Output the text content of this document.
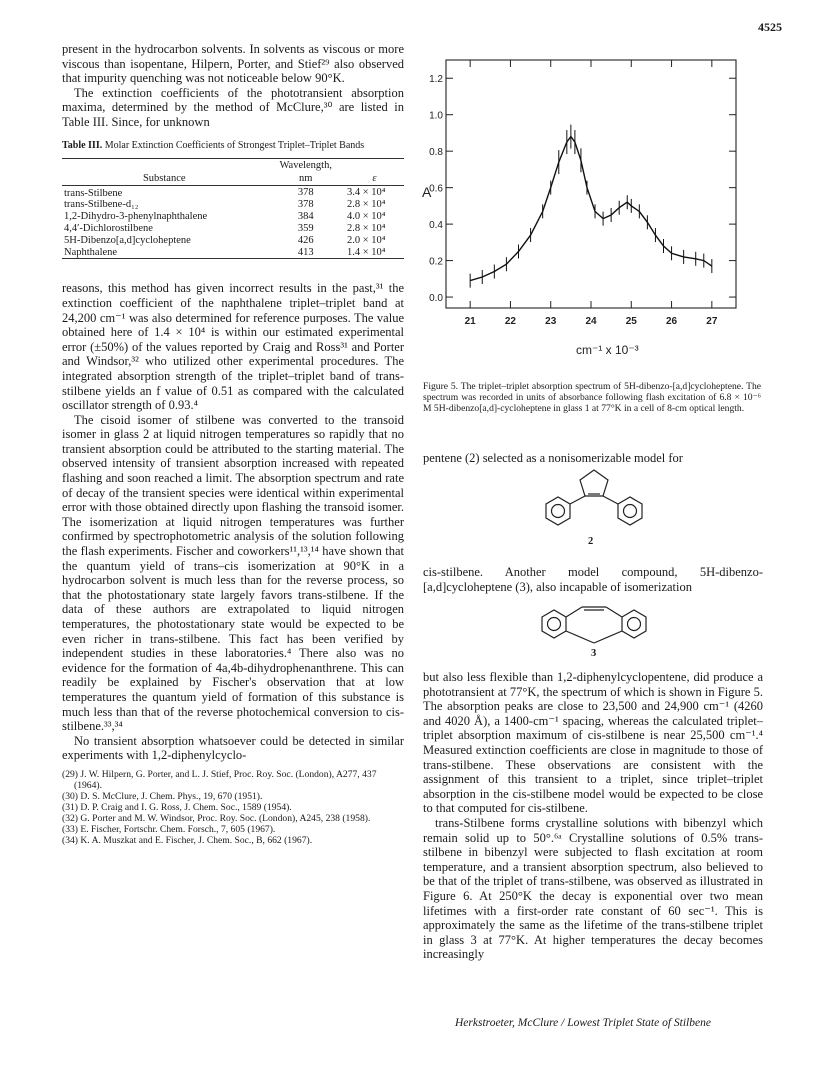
4525

present in the hydrocarbon solvents. In solvents as viscous or more viscous than isopentane, Hilpern, Porter, and Stief²⁹ also observed that impurity quenching was not noticeable below 90°K.

The extinction coefficients of the phototransient absorption maxima, determined by the method of McClure,³⁰ are listed in Table III. Since, for unknown

Table III. Molar Extinction Coefficients of Strongest Triplet–Triplet Bands
	Wavelength,	
Substance	nm	ε
trans-Stilbene	378	3.4 × 10⁴
trans-Stilbene-d₁₂	378	2.8 × 10⁴
1,2-Dihydro-3-phenylnaphthalene	384	4.0 × 10⁴
4,4′-Dichlorostilbene	359	2.8 × 10⁴
5H-Dibenzo[a,d]cycloheptene	426	2.0 × 10⁴
Naphthalene	413	1.4 × 10⁴

reasons, this method has given incorrect results in the past,³¹ the extinction coefficient of the naphthalene triplet–triplet band at 24,200 cm⁻¹ was also determined for reference purposes. The value obtained here of 1.4 × 10⁴ is within our estimated experimental error (±50%) of the values reported by Craig and Ross³¹ and Porter and Windsor,³² who utilized other experimental procedures. The integrated absorption strength of the triplet–triplet band of trans-stilbene yields an f value of 0.51 as compared with the calculated oscillator strength of 0.93.⁴

The cisoid isomer of stilbene was converted to the transoid isomer in glass 2 at liquid nitrogen temperatures so rapidly that no transient absorption could be attributed to the starting material. The observed intensity of transient absorption increased with repeated flashing and soon reached a limit. The absorption spectrum and rate of decay of the transient species were identical within experimental error with those obtained directly upon flashing the transoid isomer. The isomerization at liquid nitrogen temperatures was further confirmed by spectrophotometric analysis of the solution following the flash experiments. Fischer and coworkers¹¹,¹³,¹⁴ have shown that the quantum yield of trans–cis isomerization at 90°K in a hydrocarbon solvent is much less than for the reverse process, so that the photostationary state largely favors trans-stilbene. If the data of these authors are extrapolated to liquid nitrogen temperatures, the photostationary state would be expected to be even richer in trans-stilbene. This fact has been verified by independent studies in these laboratories.⁴ There also was no evidence for the formation of 4a,4b-dihydrophenanthrene. This can readily be explained by Fischer's observation that at low temperatures the quantum yield of formation of this substance is much less than that of the reverse photochemical conversion to cis-stilbene.³³,³⁴

No transient absorption whatsoever could be detected in similar experiments with 1,2-diphenylcyclo-

(29) J. W. Hilpern, G. Porter, and L. J. Stief, Proc. Roy. Soc. (London), A277, 437 (1964).
(30) D. S. McClure, J. Chem. Phys., 19, 670 (1951).
(31) D. P. Craig and I. G. Ross, J. Chem. Soc., 1589 (1954).
(32) G. Porter and M. W. Windsor, Proc. Roy. Soc. (London), A245, 238 (1958).
(33) E. Fischer, Fortschr. Chem. Forsch., 7, 605 (1967).
(34) K. A. Muszkat and E. Fischer, J. Chem. Soc., B, 662 (1967).
0.0
0.2
0.4
0.6
0.8
1.0
1.2
21	22	23	24	25	26	27
A
cm⁻¹ x 10⁻³
Figure 5. The triplet–triplet absorption spectrum of 5H-dibenzo-[a,d]cycloheptene. The spectrum was recorded in units of absorbance following flash excitation of 6.8 × 10⁻⁶ M 5H-dibenzo[a,d]-cycloheptene in glass 1 at 77°K in a cell of 8-cm optical length.

pentene (2) selected as a nonisomerizable model for

2

cis-stilbene. Another model compound, 5H-dibenzo-[a,d]cycloheptene (3), also incapable of isomerization

3

but also less flexible than 1,2-diphenylcyclopentene, did produce a phototransient at 77°K, the spectrum of which is shown in Figure 5. The absorption peaks are close to 23,500 and 24,900 cm⁻¹ (4260 and 4020 Å), a 1400-cm⁻¹ spacing, whereas the calculated triplet–triplet absorption maximum of cis-stilbene is near 25,500 cm⁻¹.⁴ Measured extinction coefficients are close in magnitude to those of trans-stilbene. These observations are consistent with the assignment of this transient to a triplet, since triplet–triplet absorption in the cis-stilbene model would be expected to be close to that computed for cis-stilbene.

trans-Stilbene forms crystalline solutions with bibenzyl which remain solid up to 50°.⁶ᵃ Crystalline solutions of 0.5% trans-stilbene in bibenzyl were subjected to flash excitation at room temperature, and a transient absorption spectrum, also believed to be that of the triplet of trans-stilbene, was observed as illustrated in Figure 6. At 250°K the decay is exponential over two mean lifetimes with a first-order rate constant of 60 sec⁻¹. This is approximately the same as the lifetime of the trans-stilbene triplet in glass 3 at 77°K. At higher temperatures the decay becomes increasingly

Herkstroeter, McClure / Lowest Triplet State of Stilbene
